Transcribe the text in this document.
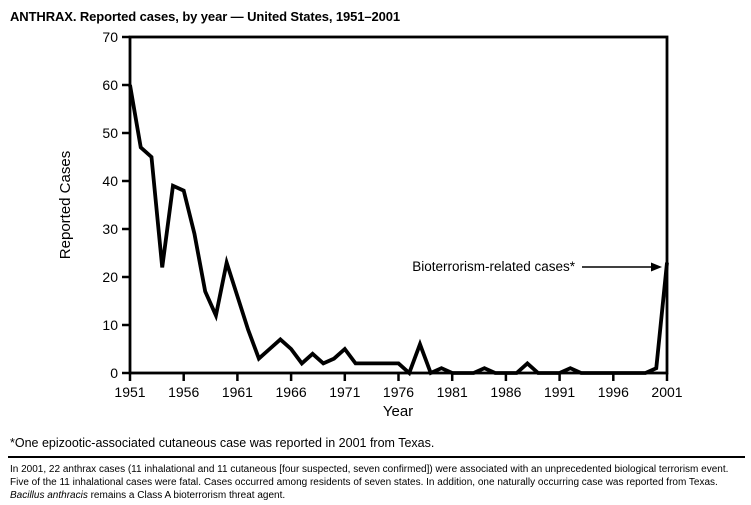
ANTHRAX. Reported cases, by year — United States, 1951–2001
0
10
20
30
40
50
60
70
1951	1956	1961	1966	1971	1976	1981	1986	1991	1996	2001
Reported Cases
Year
Bioterrorism-related cases*
*One epizootic-associated cutaneous case was reported in 2001 from Texas.
In 2001, 22 anthrax cases (11 inhalational and 11 cutaneous [four suspected, seven confirmed]) were associated with an unprecedented biological terrorism event.
Five of the 11 inhalational cases were fatal. Cases occurred among residents of seven states. In addition, one naturally occurring case was reported from Texas.
Bacillus anthracis remains a Class A bioterrorism threat agent.
